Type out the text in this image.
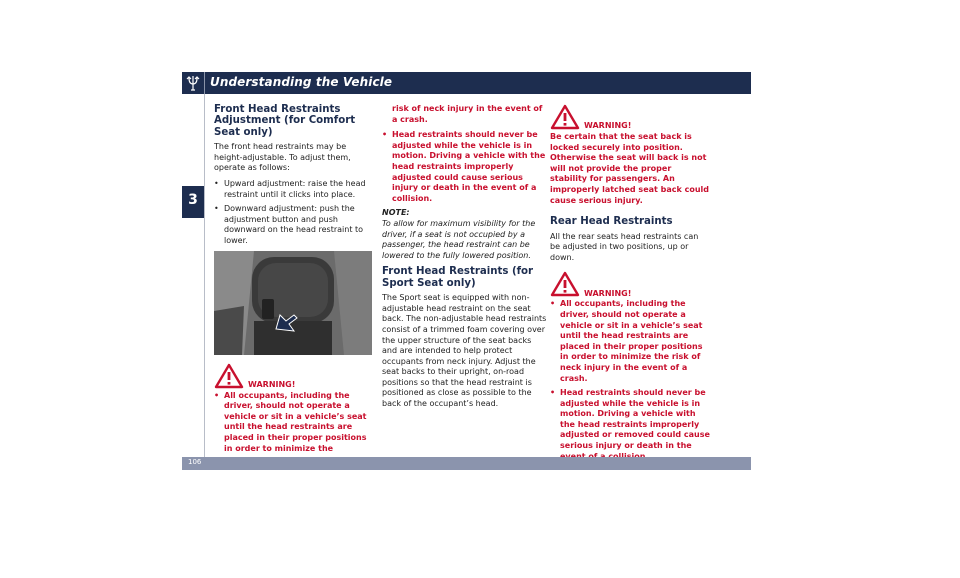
Understanding the Vehicle
3
Front Head Restraints Adjustment (for Comfort Seat only)

The front head restraints may be height-adjustable. To adjust them, operate as follows:

• Upward adjustment: raise the head restraint until it clicks into place.
• Downward adjustment: push the adjustment button and push downward on the head restraint to lower.
WARNING!
• All occupants, including the driver, should not operate a vehicle or sit in a vehicle’s seat until the head restraints are placed in their proper positions in order to minimize the

risk of neck injury in the event of a crash.

• Head restraints should never be adjusted while the vehicle is in motion. Driving a vehicle with the head restraints improperly adjusted could cause serious injury or death in the event of a collision.

NOTE:

To allow for maximum visibility for the driver, if a seat is not occupied by a passenger, the head restraint can be lowered to the fully lowered position.

Front Head Restraints (for Sport Seat only)

The Sport seat is equipped with non-adjustable head restraint on the seat back. The non-adjustable head restraints consist of a trimmed foam covering over the upper structure of the seat backs and are intended to help protect occupants from neck injury. Adjust the seat backs to their upright, on-road positions so that the head restraint is positioned as close as possible to the back of the occupant’s head.

WARNING!

Be certain that the seat back is locked securely into position. Otherwise the seat will back is not will not provide the proper stability for passengers. An improperly latched seat back could cause serious injury.

Rear Head Restraints

All the rear seats head restraints can be adjusted in two positions, up or down.

WARNING!
• All occupants, including the driver, should not operate a vehicle or sit in a vehicle’s seat until the head restraints are placed in their proper positions in order to minimize the risk of neck injury in the event of a crash.
• Head restraints should never be adjusted while the vehicle is in motion. Driving a vehicle with the head restraints improperly adjusted or removed could cause serious injury or death in the
106
